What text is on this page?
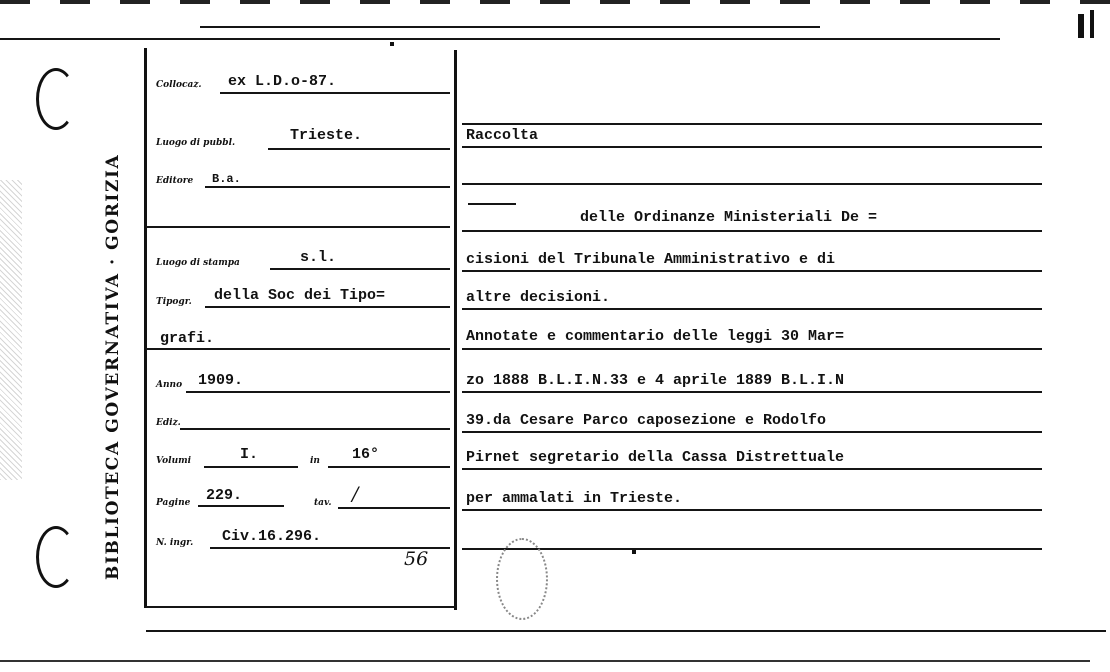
BIBLIOTECA GOVERNATIVA · GORIZIA
Collocaz. ex L.D.o-87.
Luogo di pubbl.	Trieste.
Editore B.a.
Luogo di stampa	s.l.
Tipogr. della Soc dei Tipo=
grafi.
Anno 1909.
Ediz.
Volumi	I.	in 16°
Pagine 229.	tav. /
N. ingr. Civ.16.296.
56
Raccolta
delle Ordinanze Ministeriali De =
cisioni del Tribunale Amministrativo e di
altre decisioni.
Annotate e commentario delle leggi 30 Mar=
zo 1888 B.L.I.N.33 e 4 aprile 1889 B.L.I.N
39.da Cesare Parco caposezione e Rodolfo
Pirnet segretario della Cassa Distrettuale
per ammalati in Trieste.
